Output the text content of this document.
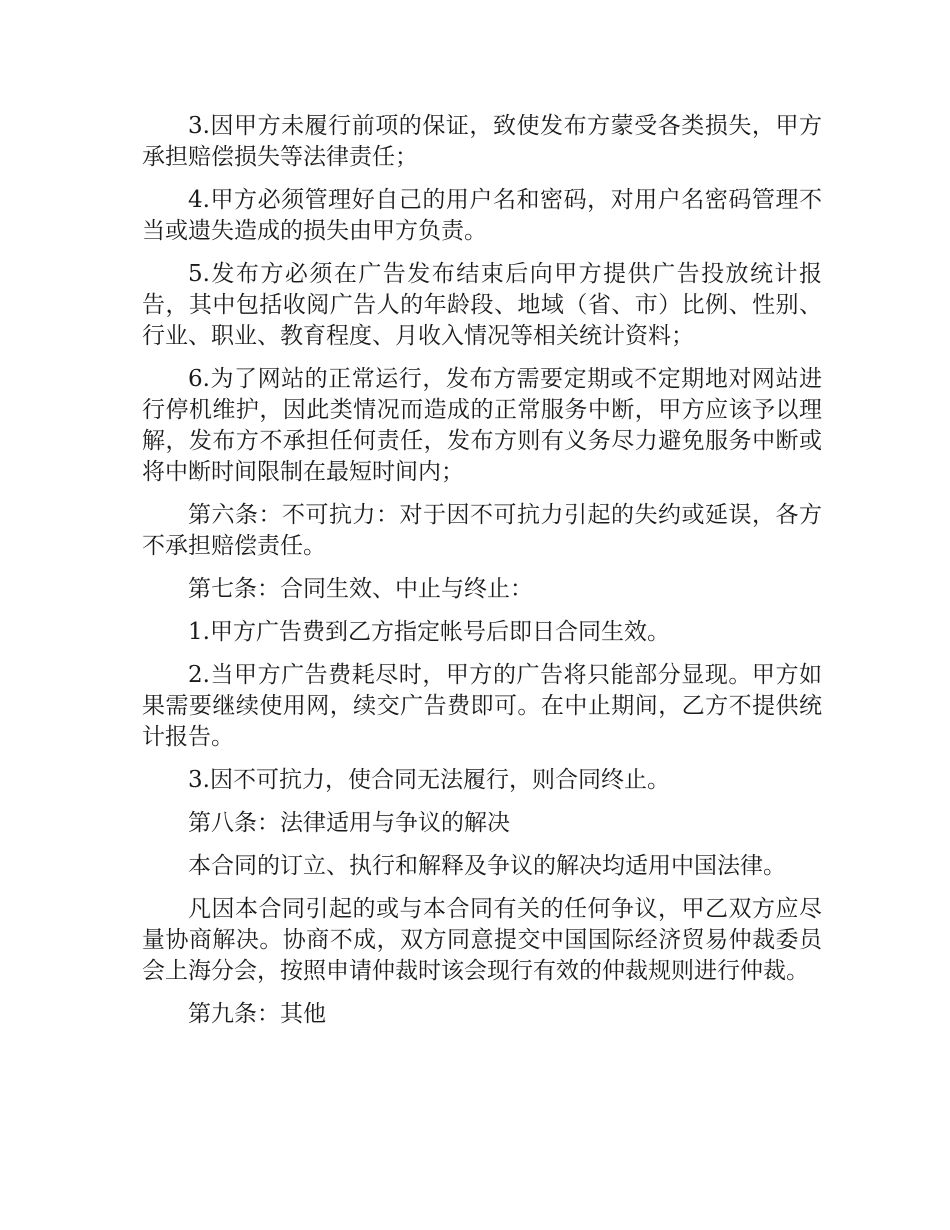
3.因甲方未履行前项的保证，致使发布方蒙受各类损失，甲方承担赔偿损失等法律责任；

4.甲方必须管理好自己的用户名和密码，对用户名密码管理不当或遗失造成的损失由甲方负责。

5.发布方必须在广告发布结束后向甲方提供广告投放统计报告，其中包括收阅广告人的年龄段、地域（省、市）比例、性别、行业、职业、教育程度、月收入情况等相关统计资料；

6.为了网站的正常运行，发布方需要定期或不定期地对网站进行停机维护，因此类情况而造成的正常服务中断，甲方应该予以理解，发布方不承担任何责任，发布方则有义务尽力避免服务中断或将中断时间限制在最短时间内；

第六条：不可抗力：对于因不可抗力引起的失约或延误，各方不承担赔偿责任。

第七条：合同生效、中止与终止：

1.甲方广告费到乙方指定帐号后即日合同生效。

2.当甲方广告费耗尽时，甲方的广告将只能部分显现。甲方如果需要继续使用网，续交广告费即可。在中止期间，乙方不提供统计报告。

3.因不可抗力，使合同无法履行，则合同终止。

第八条：法律适用与争议的解决

本合同的订立、执行和解释及争议的解决均适用中国法律。

凡因本合同引起的或与本合同有关的任何争议，甲乙双方应尽量协商解决。协商不成，双方同意提交中国国际经济贸易仲裁委员会上海分会，按照申请仲裁时该会现行有效的仲裁规则进行仲裁。

第九条：其他
